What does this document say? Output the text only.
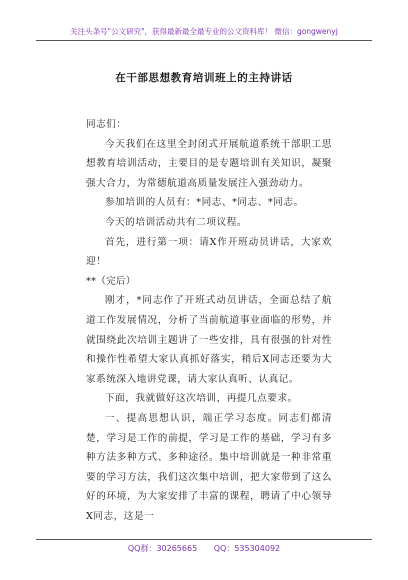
关注头条号"公文研究"，获得最新最全最专业的公文资料库！ 微信：gongwenyj
在干部思想教育培训班上的主持讲话

同志们：

今天我们在这里全封闭式开展航道系统干部职工思想教育培训活动，主要目的是专题培训有关知识，凝聚强大合力，为常德航道高质量发展注入强劲动力。

参加培训的人员有：*同志、*同志、*同志。

今天的培训活动共有二项议程。

首先，进行第一项：请X作开班动员讲话，大家欢迎！

**（完后）

刚才，*同志作了开班式动员讲话，全面总结了航道工作发展情况，分析了当前航道事业面临的形势，并就围绕此次培训主题讲了一些安排，具有很强的针对性和操作性希望大家认真抓好落实，稍后X同志还要为大家系统深入地讲党课，请大家认真听、认真记。

下面，我就做好这次培训，再提几点要求。

一、提高思想认识，端正学习态度。同志们都清楚，学习是工作的前提，学习是工作的基础，学习有多种方法多种方式、多种途径。集中培训就是一种非常重要的学习方法，我们这次集中培训，把大家带到了这么好的环境，为大家安排了丰富的课程，聘请了中心领导X同志，这是一

QQ群：30265665 QQ：535304092
